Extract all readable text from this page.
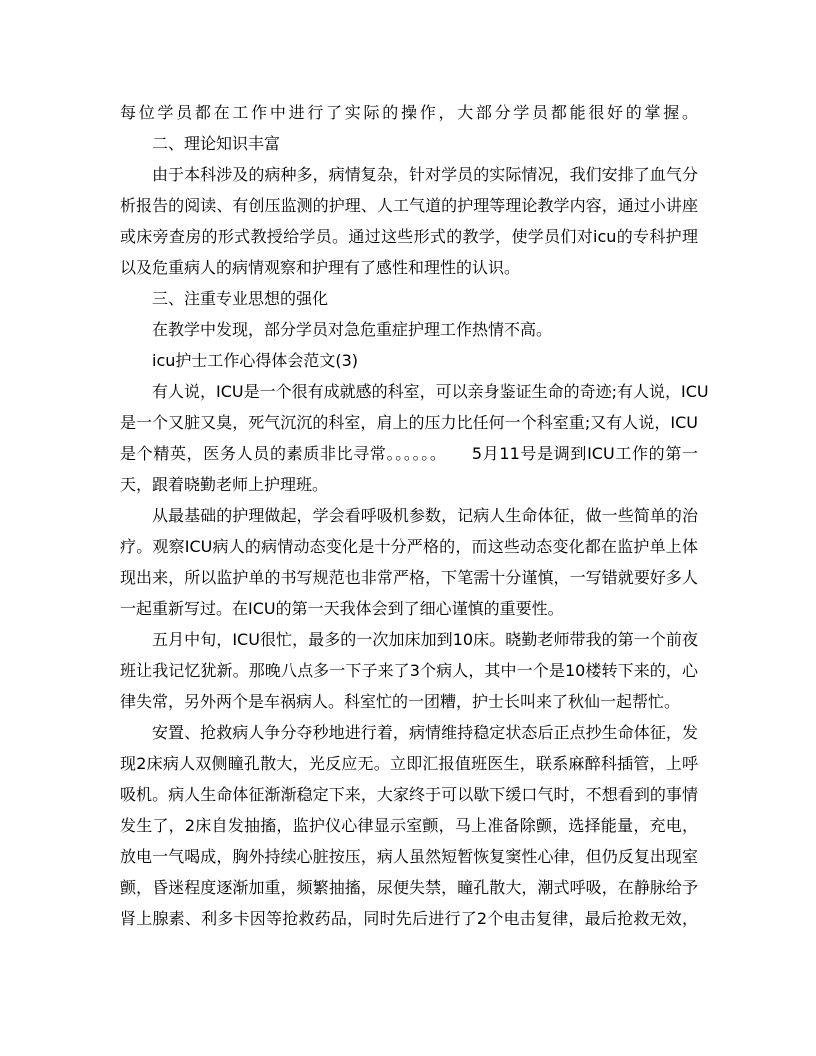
每位学员都在工作中进行了实际的操作，大部分学员都能很好的掌握。
二、理论知识丰富
由于本科涉及的病种多，病情复杂，针对学员的实际情况，我们安排了血气分
析报告的阅读、有创压监测的护理、人工气道的护理等理论教学内容，通过小讲座
或床旁查房的形式教授给学员。通过这些形式的教学，使学员们对icu的专科护理
以及危重病人的病情观察和护理有了感性和理性的认识。
三、注重专业思想的强化
在教学中发现，部分学员对急危重症护理工作热情不高。
icu护士工作心得体会范文(3)
有人说，ICU是一个很有成就感的科室，可以亲身鉴证生命的奇迹;有人说，ICU
是一个又脏又臭，死气沉沉的科室，肩上的压力比任何一个科室重;又有人说，ICU
是个精英，医务人员的素质非比寻常。。。。。。　　5月11号是调到ICU工作的第一
天，跟着晓勤老师上护理班。
从最基础的护理做起，学会看呼吸机参数，记病人生命体征，做一些简单的治
疗。观察ICU病人的病情动态变化是十分严格的，而这些动态变化都在监护单上体
现出来，所以监护单的书写规范也非常严格，下笔需十分谨慎，一写错就要好多人
一起重新写过。在ICU的第一天我体会到了细心谨慎的重要性。
五月中旬，ICU很忙，最多的一次加床加到10床。晓勤老师带我的第一个前夜
班让我记忆犹新。那晚八点多一下子来了3个病人，其中一个是10楼转下来的，心
律失常，另外两个是车祸病人。科室忙的一团糟，护士长叫来了秋仙一起帮忙。
安置、抢救病人争分夺秒地进行着，病情维持稳定状态后正点抄生命体征，发
现2床病人双侧瞳孔散大，光反应无。立即汇报值班医生，联系麻醉科插管，上呼
吸机。病人生命体征渐渐稳定下来，大家终于可以歇下缓口气时，不想看到的事情
发生了，2床自发抽搐，监护仪心律显示室颤，马上准备除颤，选择能量，充电，
放电一气喝成，胸外持续心脏按压，病人虽然短暂恢复窦性心律，但仍反复出现室
颤，昏迷程度逐渐加重，频繁抽搐，尿便失禁，瞳孔散大，潮式呼吸，在静脉给予
肾上腺素、利多卡因等抢救药品，同时先后进行了2个电击复律，最后抢救无效，
